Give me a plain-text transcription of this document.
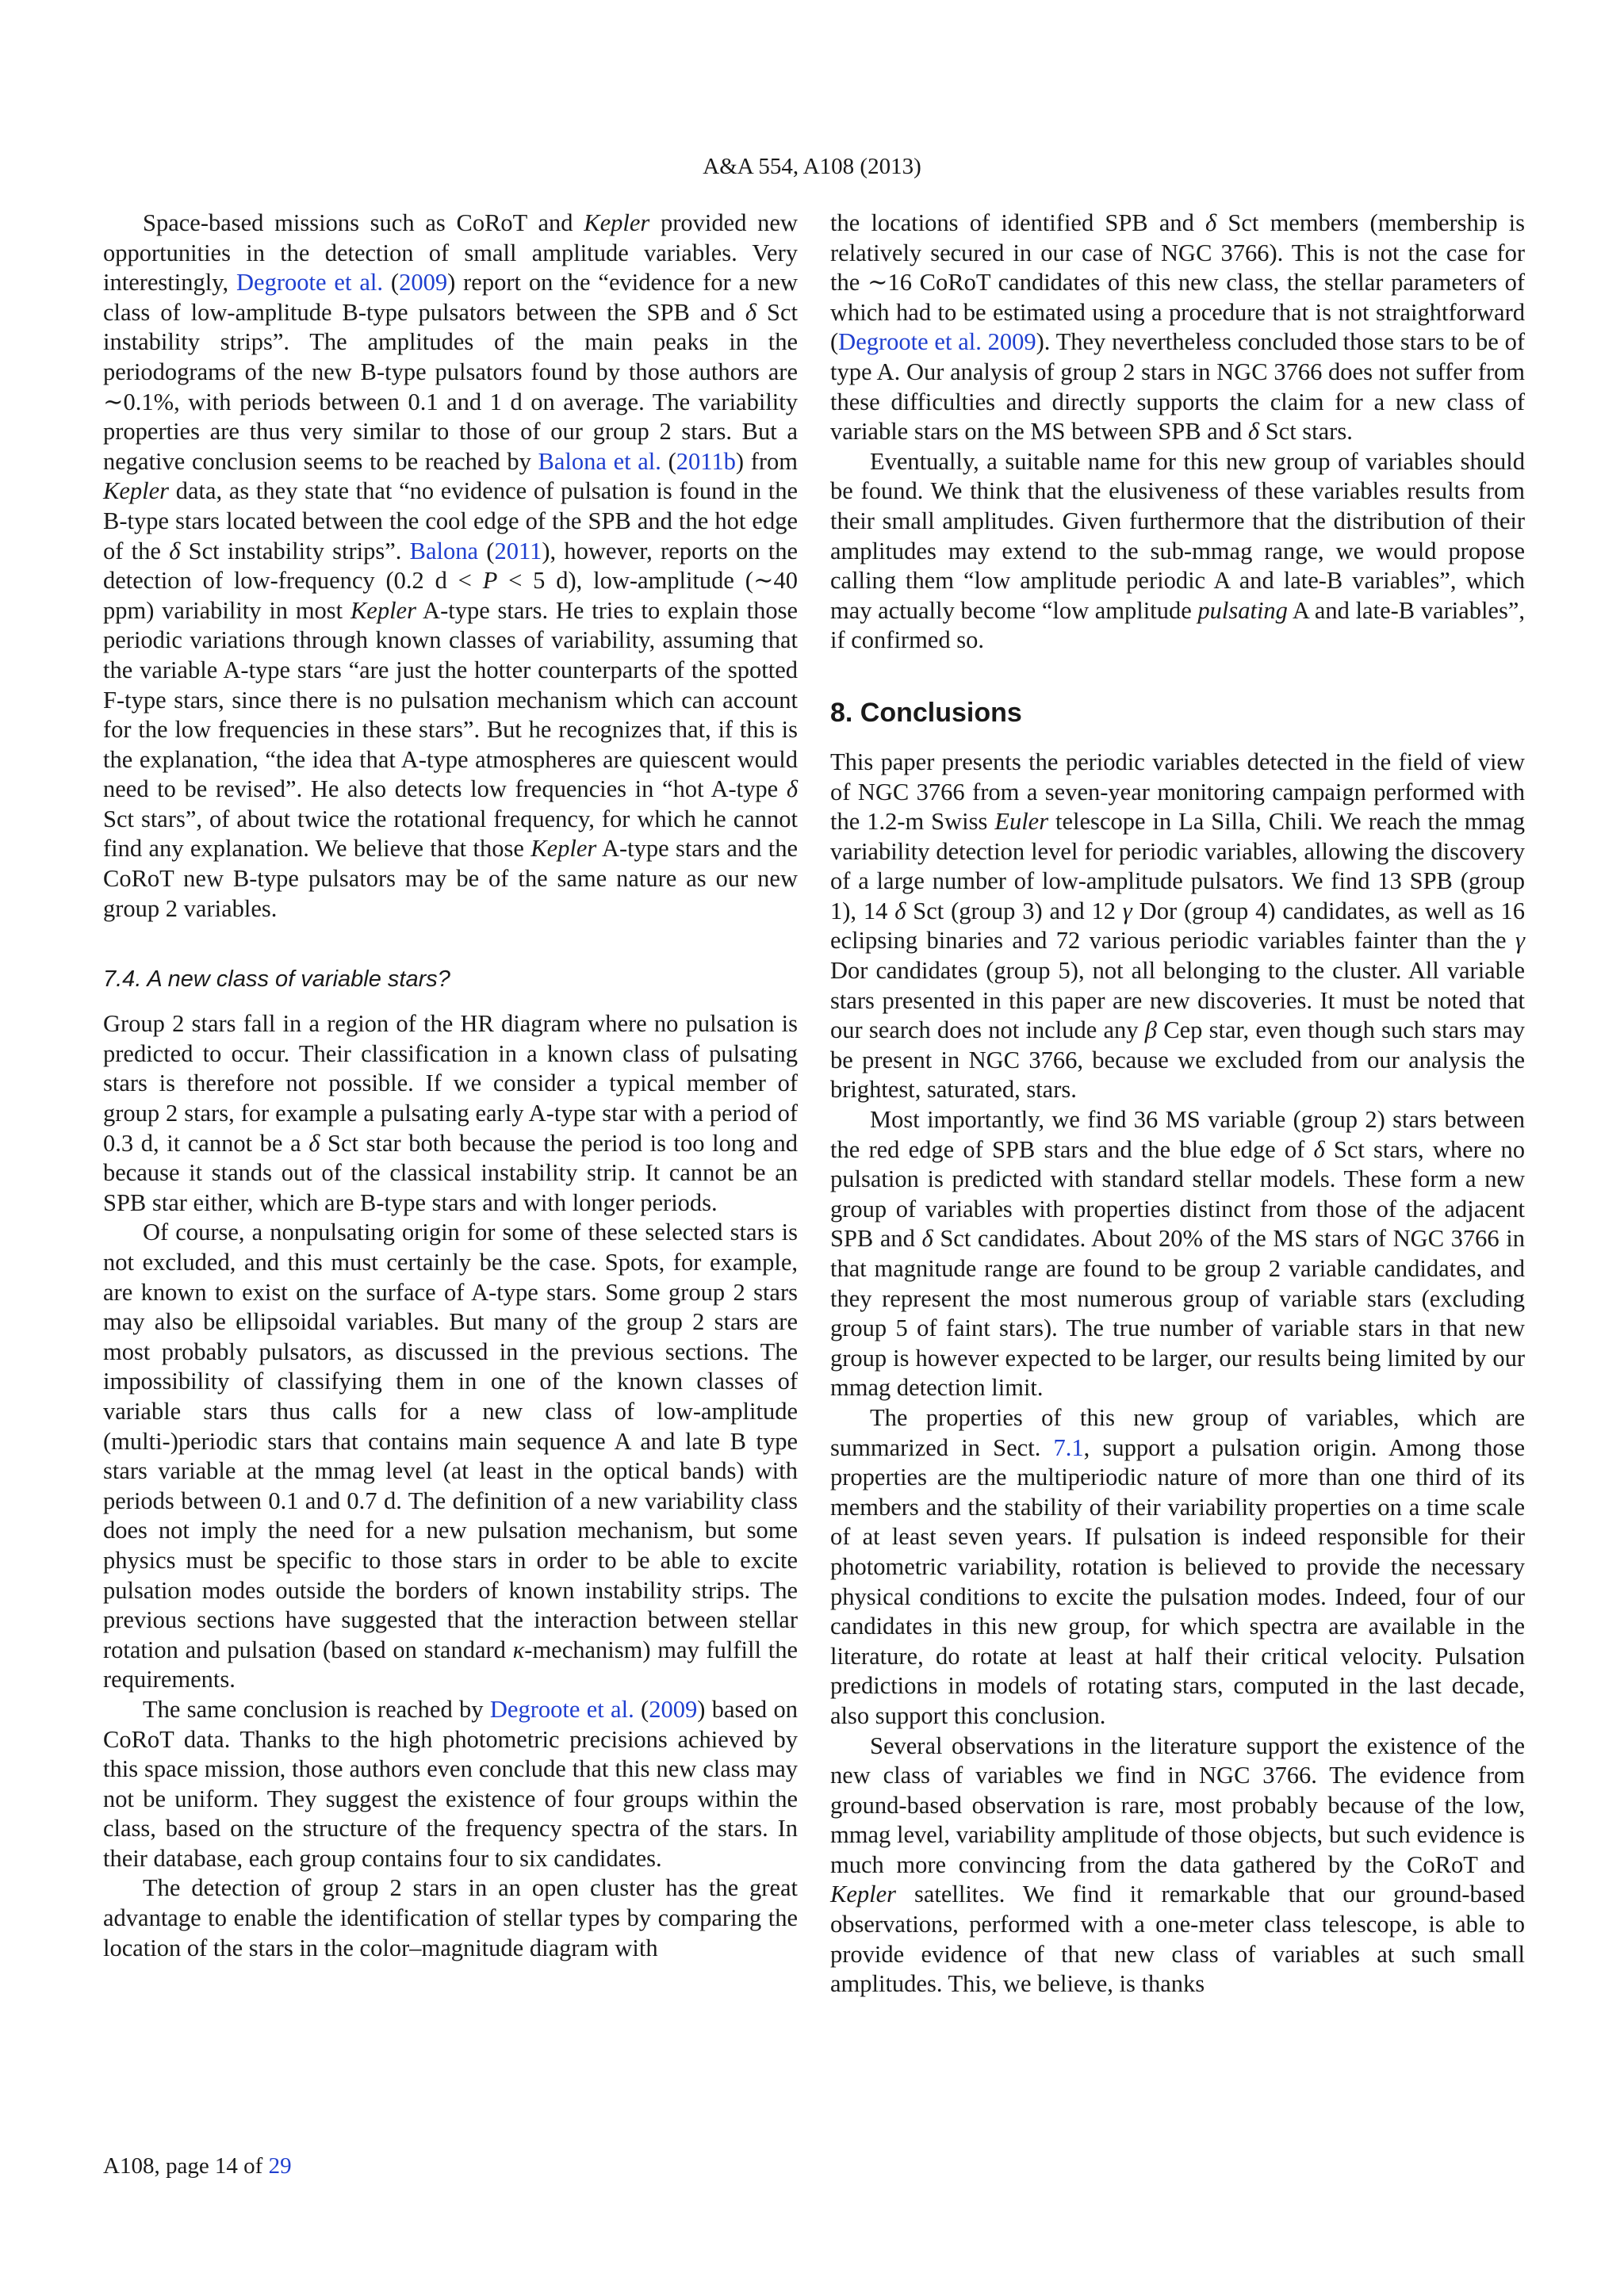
A&A 554, A108 (2013)

Space-based missions such as CoRoT and Kepler provided new opportunities in the detection of small amplitude variables. Very interestingly, Degroote et al. (2009) report on the “evidence for a new class of low-amplitude B-type pulsators between the SPB and δ Sct instability strips”. The amplitudes of the main peaks in the periodograms of the new B-type pulsators found by those authors are ∼0.1%, with periods between 0.1 and 1 d on average. The variability properties are thus very similar to those of our group 2 stars. But a negative conclusion seems to be reached by Balona et al. (2011b) from Kepler data, as they state that “no evidence of pulsation is found in the B-type stars located between the cool edge of the SPB and the hot edge of the δ Sct instability strips”. Balona (2011), however, reports on the detection of low-frequency (0.2 d < P < 5 d), low-amplitude (∼40 ppm) variability in most Kepler A-type stars. He tries to explain those periodic variations through known classes of variability, assuming that the variable A-type stars “are just the hotter counterparts of the spotted F-type stars, since there is no pulsation mechanism which can account for the low frequencies in these stars”. But he recognizes that, if this is the explanation, “the idea that A-type atmospheres are quiescent would need to be revised”. He also detects low frequencies in “hot A-type δ Sct stars”, of about twice the rotational frequency, for which he cannot find any explanation. We believe that those Kepler A-type stars and the CoRoT new B-type pulsators may be of the same nature as our new group 2 variables.

7.4. A new class of variable stars?

Group 2 stars fall in a region of the HR diagram where no pulsation is predicted to occur. Their classification in a known class of pulsating stars is therefore not possible. If we consider a typical member of group 2 stars, for example a pulsating early A-type star with a period of 0.3 d, it cannot be a δ Sct star both because the period is too long and because it stands out of the classical instability strip. It cannot be an SPB star either, which are B-type stars and with longer periods.

Of course, a nonpulsating origin for some of these selected stars is not excluded, and this must certainly be the case. Spots, for example, are known to exist on the surface of A-type stars. Some group 2 stars may also be ellipsoidal variables. But many of the group 2 stars are most probably pulsators, as discussed in the previous sections. The impossibility of classifying them in one of the known classes of variable stars thus calls for a new class of low-amplitude (multi-)periodic stars that contains main sequence A and late B type stars variable at the mmag level (at least in the optical bands) with periods between 0.1 and 0.7 d. The definition of a new variability class does not imply the need for a new pulsation mechanism, but some physics must be specific to those stars in order to be able to excite pulsation modes outside the borders of known instability strips. The previous sections have suggested that the interaction between stellar rotation and pulsation (based on standard κ-mechanism) may fulfill the requirements.

The same conclusion is reached by Degroote et al. (2009) based on CoRoT data. Thanks to the high photometric precisions achieved by this space mission, those authors even conclude that this new class may not be uniform. They suggest the existence of four groups within the class, based on the structure of the frequency spectra of the stars. In their database, each group contains four to six candidates.

The detection of group 2 stars in an open cluster has the great advantage to enable the identification of stellar types by comparing the location of the stars in the color–magnitude diagram with

the locations of identified SPB and δ Sct members (membership is relatively secured in our case of NGC 3766). This is not the case for the ∼16 CoRoT candidates of this new class, the stellar parameters of which had to be estimated using a procedure that is not straightforward (Degroote et al. 2009). They nevertheless concluded those stars to be of type A. Our analysis of group 2 stars in NGC 3766 does not suffer from these difficulties and directly supports the claim for a new class of variable stars on the MS between SPB and δ Sct stars.

Eventually, a suitable name for this new group of variables should be found. We think that the elusiveness of these variables results from their small amplitudes. Given furthermore that the distribution of their amplitudes may extend to the sub-mmag range, we would propose calling them “low amplitude periodic A and late-B variables”, which may actually become “low amplitude pulsating A and late-B variables”, if confirmed so.

8. Conclusions

This paper presents the periodic variables detected in the field of view of NGC 3766 from a seven-year monitoring campaign performed with the 1.2-m Swiss Euler telescope in La Silla, Chili. We reach the mmag variability detection level for periodic variables, allowing the discovery of a large number of low-amplitude pulsators. We find 13 SPB (group 1), 14 δ Sct (group 3) and 12 γ Dor (group 4) candidates, as well as 16 eclipsing binaries and 72 various periodic variables fainter than the γ Dor candidates (group 5), not all belonging to the cluster. All variable stars presented in this paper are new discoveries. It must be noted that our search does not include any β Cep star, even though such stars may be present in NGC 3766, because we excluded from our analysis the brightest, saturated, stars.

Most importantly, we find 36 MS variable (group 2) stars between the red edge of SPB stars and the blue edge of δ Sct stars, where no pulsation is predicted with standard stellar models. These form a new group of variables with properties distinct from those of the adjacent SPB and δ Sct candidates. About 20% of the MS stars of NGC 3766 in that magnitude range are found to be group 2 variable candidates, and they represent the most numerous group of variable stars (excluding group 5 of faint stars). The true number of variable stars in that new group is however expected to be larger, our results being limited by our mmag detection limit.

The properties of this new group of variables, which are summarized in Sect. 7.1, support a pulsation origin. Among those properties are the multiperiodic nature of more than one third of its members and the stability of their variability properties on a time scale of at least seven years. If pulsation is indeed responsible for their photometric variability, rotation is believed to provide the necessary physical conditions to excite the pulsation modes. Indeed, four of our candidates in this new group, for which spectra are available in the literature, do rotate at least at half their critical velocity. Pulsation predictions in models of rotating stars, computed in the last decade, also support this conclusion.

Several observations in the literature support the existence of the new class of variables we find in NGC 3766. The evidence from ground-based observation is rare, most probably because of the low, mmag level, variability amplitude of those objects, but such evidence is much more convincing from the data gathered by the CoRoT and Kepler satellites. We find it remarkable that our ground-based observations, performed with a one-meter class telescope, is able to provide evidence of that new class of variables at such small amplitudes. This, we believe, is thanks

A108, page 14 of 29
